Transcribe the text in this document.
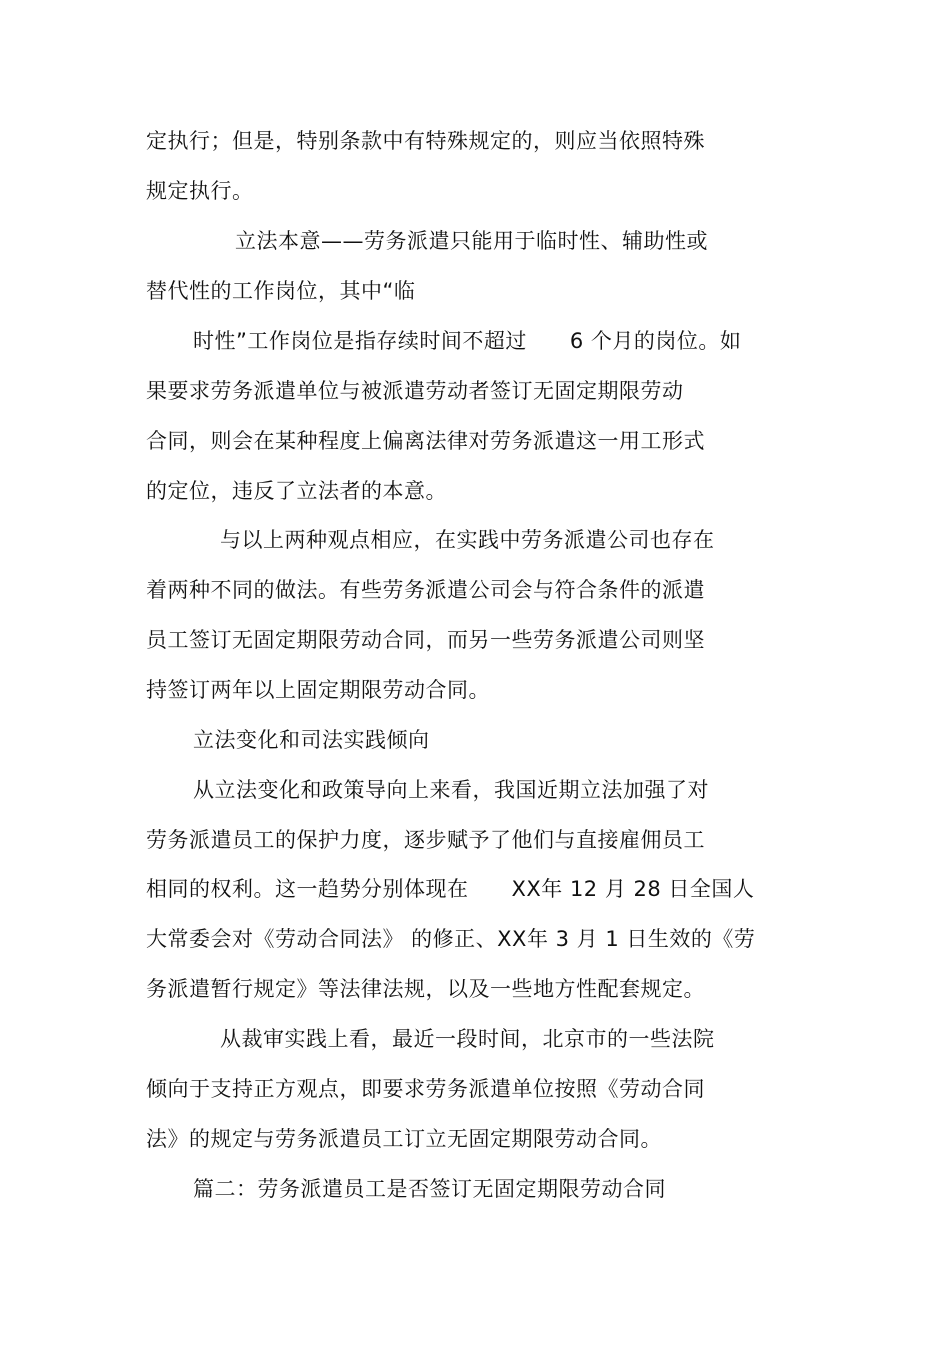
定执行；但是，特别条款中有特殊规定的，则应当依照特殊
规定执行。
立法本意——劳务派遣只能用于临时性、辅助性或
替代性的工作岗位，其中“临
时性”工作岗位是指存续时间不超过　　6 个月的岗位。如
果要求劳务派遣单位与被派遣劳动者签订无固定期限劳动
合同，则会在某种程度上偏离法律对劳务派遣这一用工形式
的定位，违反了立法者的本意。
与以上两种观点相应，在实践中劳务派遣公司也存在
着两种不同的做法。有些劳务派遣公司会与符合条件的派遣
员工签订无固定期限劳动合同，而另一些劳务派遣公司则坚
持签订两年以上固定期限劳动合同。
立法变化和司法实践倾向
从立法变化和政策导向上来看，我国近期立法加强了对
劳务派遣员工的保护力度，逐步赋予了他们与直接雇佣员工
相同的权利。这一趋势分别体现在　　XX年 12 月 28 日全国人
大常委会对《劳动合同法》 的修正、XX年 3 月 1 日生效的《劳
务派遣暂行规定》等法律法规，以及一些地方性配套规定。
从裁审实践上看，最近一段时间，北京市的一些法院
倾向于支持正方观点，即要求劳务派遣单位按照《劳动合同
法》的规定与劳务派遣员工订立无固定期限劳动合同。
篇二：劳务派遣员工是否签订无固定期限劳动合同
